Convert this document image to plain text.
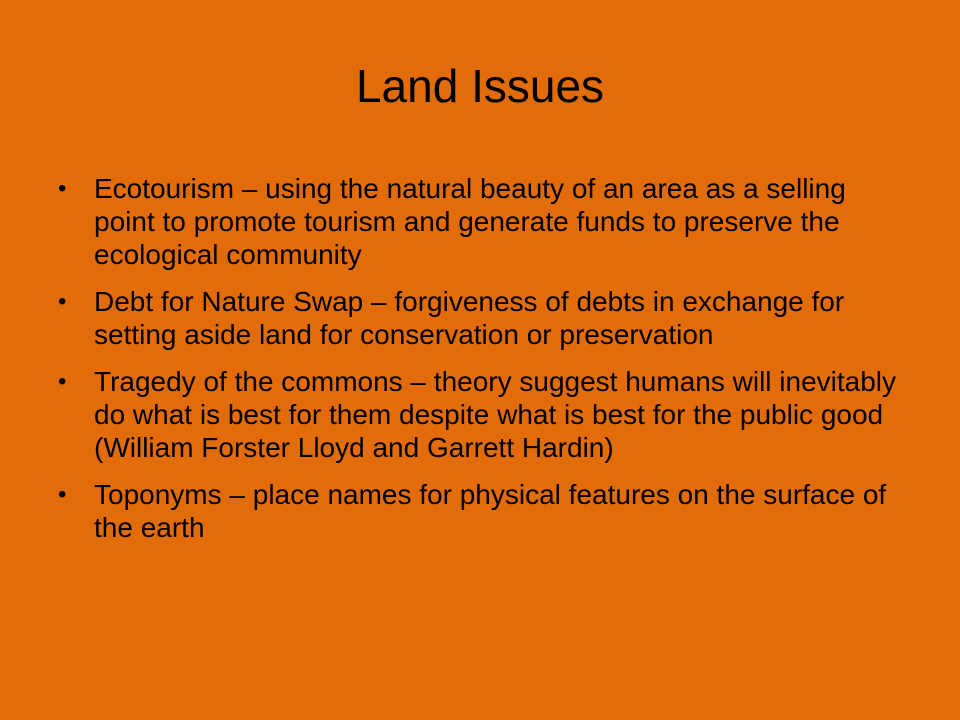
Land Issues
• Ecotourism – using the natural beauty of an area as a selling point to promote tourism and generate funds to preserve the ecological community
• Debt for Nature Swap – forgiveness of debts in exchange for setting aside land for conservation or preservation
• Tragedy of the commons – theory suggest humans will inevitably do what is best for them despite what is best for the public good (William Forster Lloyd and Garrett Hardin)
• Toponyms – place names for physical features on the surface of the earth
